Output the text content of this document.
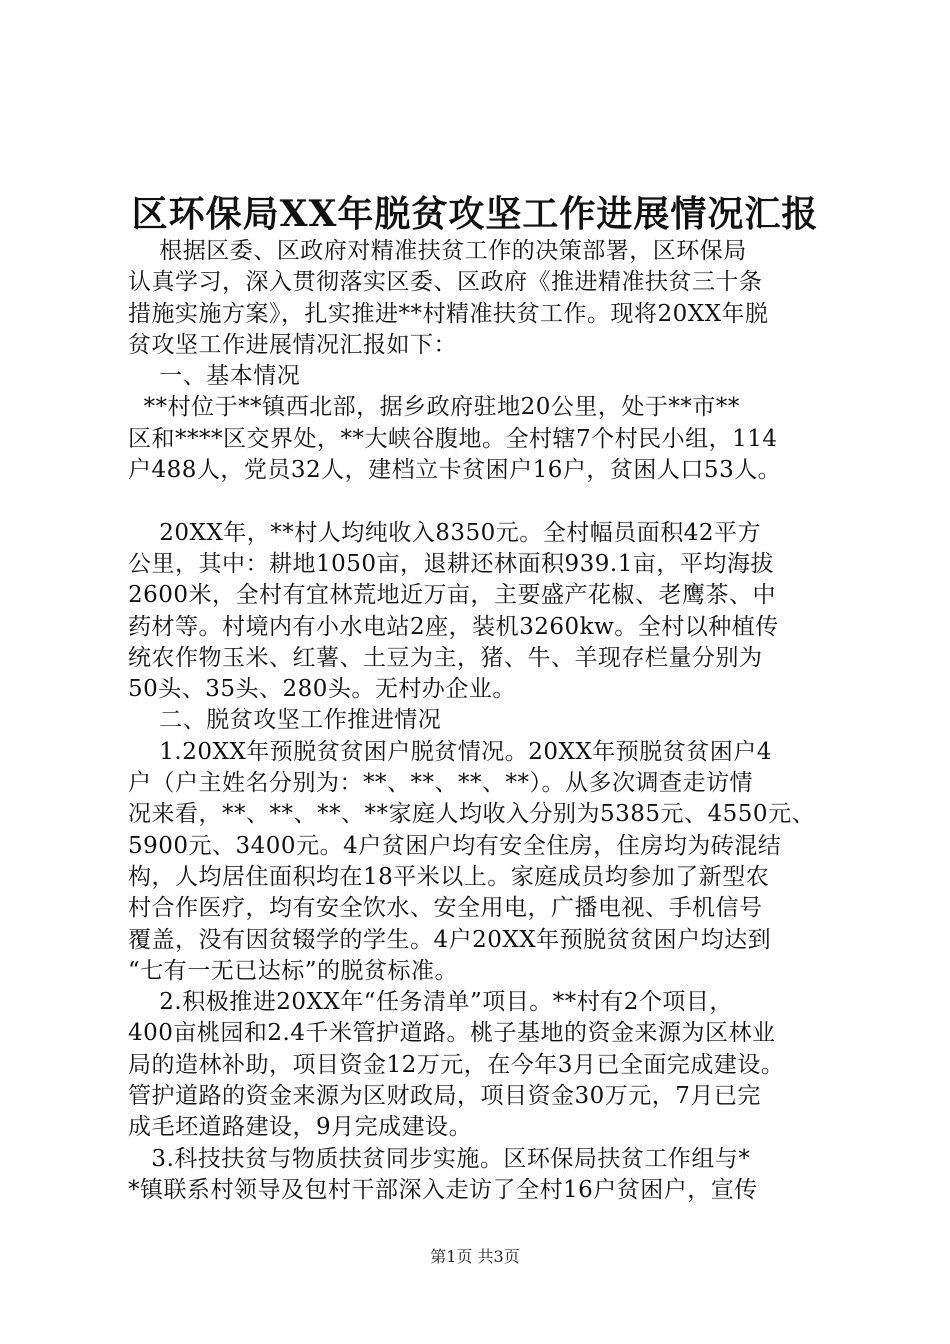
区环保局XX年脱贫攻坚工作进展情况汇报
根据区委、区政府对精准扶贫工作的决策部署，区环保局
认真学习，深入贯彻落实区委、区政府《推进精准扶贫三十条
措施实施方案》，扎实推进**村精准扶贫工作。现将20XX年脱
贫攻坚工作进展情况汇报如下：
一、基本情况
**村位于**镇西北部，据乡政府驻地20公里，处于**市**
区和****区交界处，**大峡谷腹地。全村辖7个村民小组，114
户488人，党员32人，建档立卡贫困户16户，贫困人口53人。
20XX年，**村人均纯收入8350元。全村幅员面积42平方
公里，其中：耕地1050亩，退耕还林面积939.1亩，平均海拔
2600米，全村有宜林荒地近万亩，主要盛产花椒、老鹰茶、中
药材等。村境内有小水电站2座，装机3260kw。全村以种植传
统农作物玉米、红薯、土豆为主，猪、牛、羊现存栏量分别为
50头、35头、280头。无村办企业。
二、脱贫攻坚工作推进情况
1.20XX年预脱贫贫困户脱贫情况。20XX年预脱贫贫困户4
户（户主姓名分别为：**、**、**、**）。从多次调查走访情
况来看，**、**、**、**家庭人均收入分别为5385元、4550元、
5900元、3400元。4户贫困户均有安全住房，住房均为砖混结
构，人均居住面积均在18平米以上。家庭成员均参加了新型农
村合作医疗，均有安全饮水、安全用电，广播电视、手机信号
覆盖，没有因贫辍学的学生。4户20XX年预脱贫贫困户均达到
“七有一无已达标”的脱贫标准。
2.积极推进20XX年“任务清单”项目。**村有2个项目，
400亩桃园和2.4千米管护道路。桃子基地的资金来源为区林业
局的造林补助，项目资金12万元，在今年3月已全面完成建设。
管护道路的资金来源为区财政局，项目资金30万元，7月已完
成毛坯道路建设，9月完成建设。
3.科技扶贫与物质扶贫同步实施。区环保局扶贫工作组与*
*镇联系村领导及包村干部深入走访了全村16户贫困户，宣传
第1页 共3页
